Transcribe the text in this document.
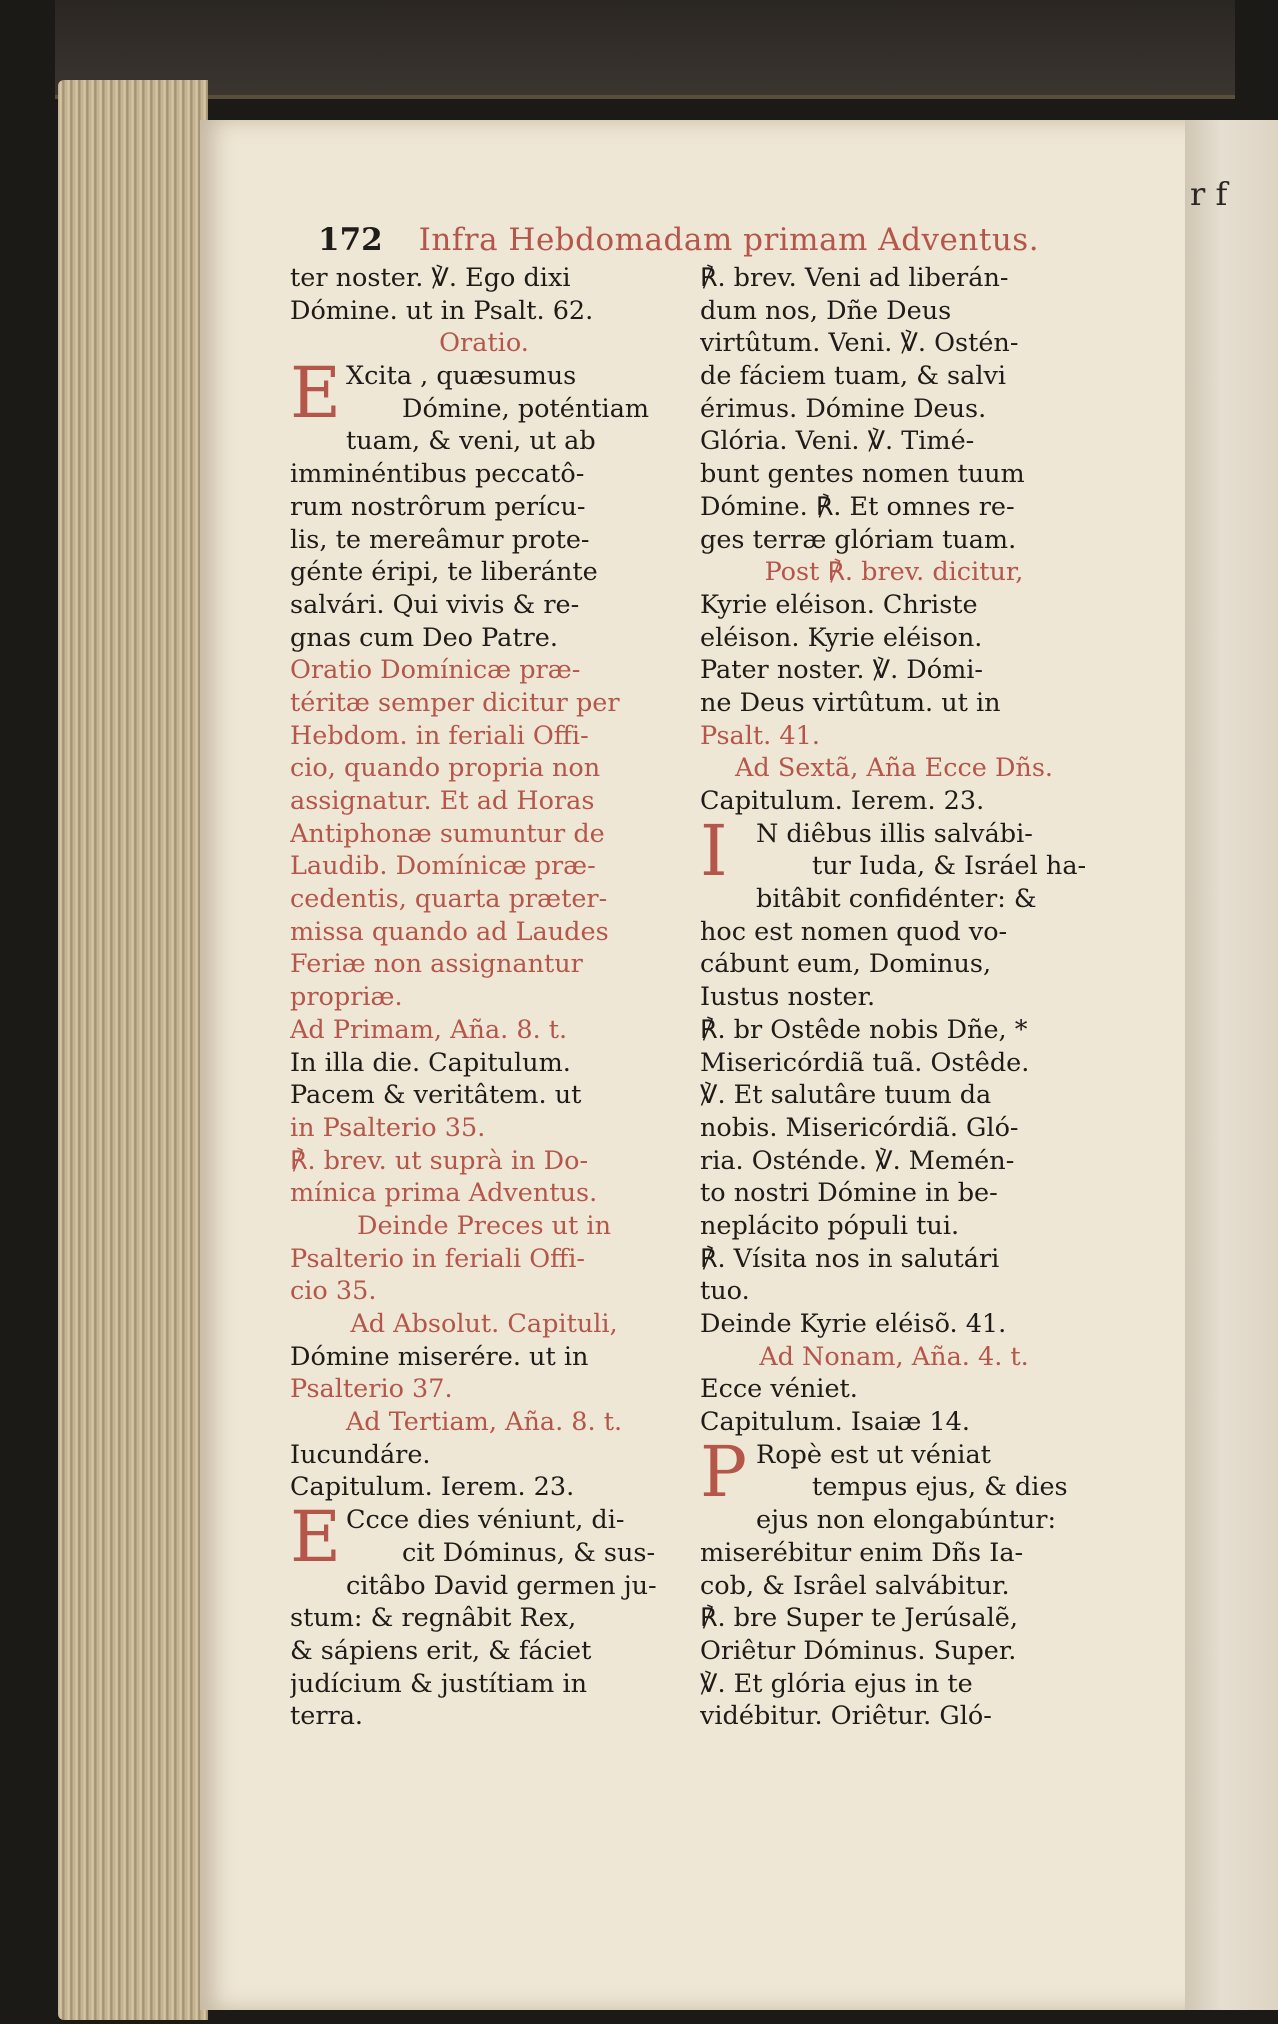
r f
172 Infra Hebdomadam primam Adventus.
ter noster. ℣. Ego dixi
Dómine. ut in Psalt. 62.
Oratio.
E Xcita , quæsumus
Dómine, poténtiam
tuam, & veni, ut ab
imminéntibus peccatô-
rum nostrôrum perícu-
lis, te mereâmur prote-
génte éripi, te liberánte
salvári. Qui vivis & re-
gnas cum Deo Patre.
Oratio Domínicæ præ-
téritæ semper dicitur per
Hebdom. in feriali Offi-
cio, quando propria non
assignatur. Et ad Horas
Antiphonæ sumuntur de
Laudib. Domínicæ præ-
cedentis, quarta præter-
missa quando ad Laudes
Feriæ non assignantur
propriæ.
Ad Primam, Aña. 8. t.
In illa die. Capitulum.
Pacem & veritâtem. ut
in Psalterio 35.
℟. brev. ut suprà in Do-
mínica prima Adventus.
Deinde Preces ut in
Psalterio in feriali Offi-
cio 35.
Ad Absolut. Capituli,
Dómine miserére. ut in
Psalterio 37.
Ad Tertiam, Aña. 8. t.
Iucundáre.
Capitulum. Ierem. 23.
E Ccce dies véniunt, di-
cit Dóminus, & sus-
citâbo David germen ju-
stum: & regnâbit Rex,
& sápiens erit, & fáciet
judícium & justítiam in
terra.
℟. brev. Veni ad liberán-
dum nos, Dñe Deus
virtûtum. Veni. ℣. Ostén-
de fáciem tuam, & salvi
érimus. Dómine Deus.
Glória. Veni. ℣. Timé-
bunt gentes nomen tuum
Dómine. ℟. Et omnes re-
ges terræ glóriam tuam.
Post ℟. brev. dicitur,
Kyrie eléison. Christe
eléison. Kyrie eléison.
Pater noster. ℣. Dómi-
ne Deus virtûtum. ut in
Psalt. 41.
Ad Sextã, Aña Ecce Dñs.
Capitulum. Ierem. 23.
I	N diêbus illis salvábi-
tur Iuda, & Isráel ha-
bitâbit confidénter: &
hoc est nomen quod vo-
cábunt eum, Dominus,
Iustus noster.
℟. br Ostêde nobis Dñe, *
Misericórdiã tuã. Ostêde.
℣. Et salutâre tuum da
nobis. Misericórdiã. Gló-
ria. Osténde. ℣. Memén-
to nostri Dómine in be-
neplácito pópuli tui.
℟. Vísita nos in salutári
tuo.
Deinde Kyrie eléisõ. 41.
Ad Nonam, Aña. 4. t.
Ecce véniet.
Capitulum. Isaiæ 14.
P Ropè est ut véniat
tempus ejus, & dies
ejus non elongabúntur:
miserébitur enim Dñs Ia-
cob, & Isrâel salvábitur.
℟. bre Super te Jerúsalẽ,
Oriêtur Dóminus. Super.
℣. Et glória ejus in te
vidébitur. Oriêtur. Gló-
